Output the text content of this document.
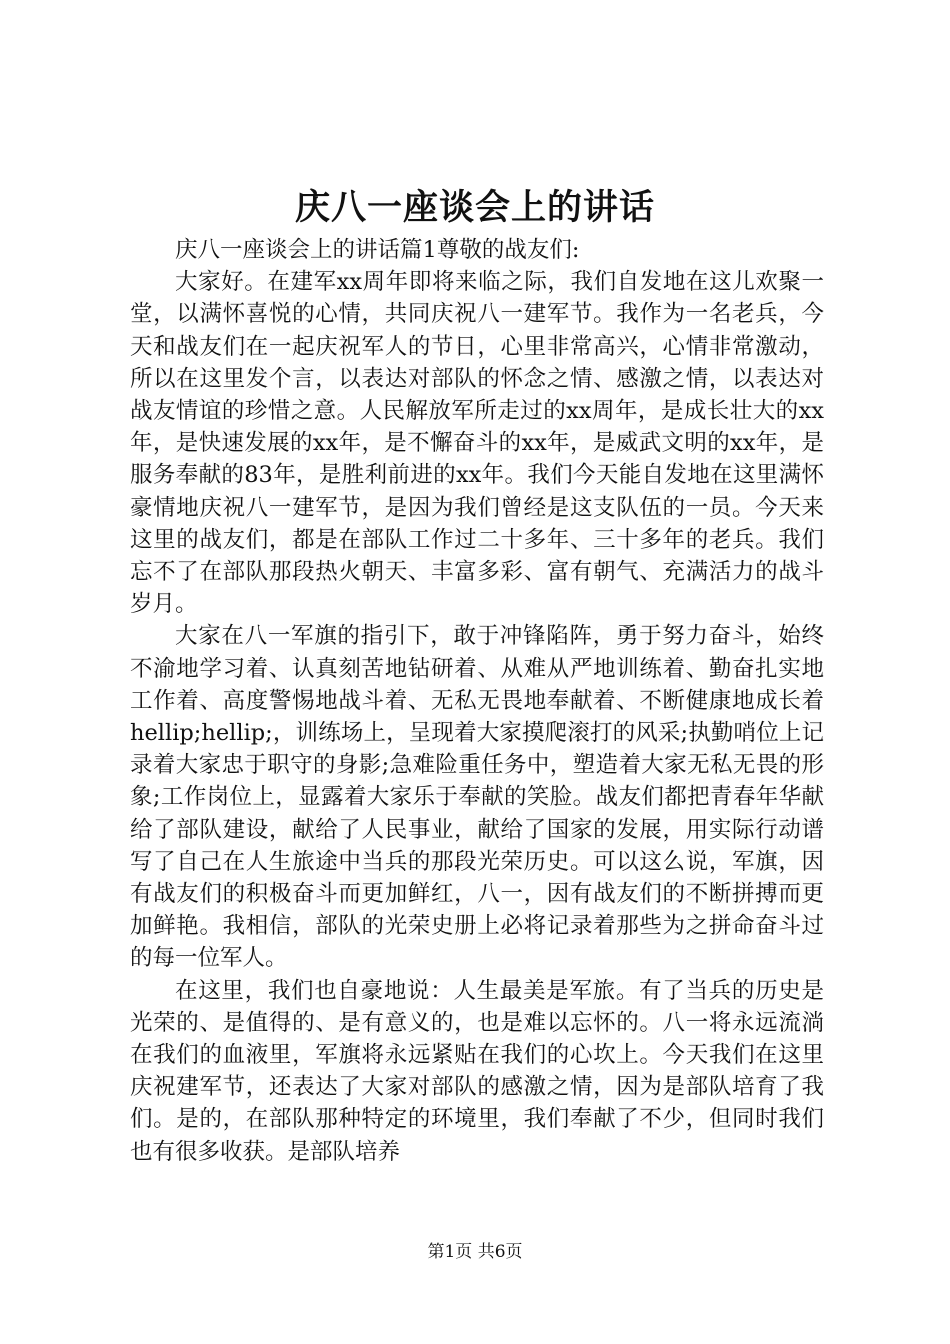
庆八一座谈会上的讲话

庆八一座谈会上的讲话篇1尊敬的战友们:

大家好。在建军xx周年即将来临之际，我们自发地在这儿欢聚一堂，以满怀喜悦的心情，共同庆祝八一建军节。我作为一名老兵，今天和战友们在一起庆祝军人的节日，心里非常高兴，心情非常激动，所以在这里发个言，以表达对部队的怀念之情、感激之情，以表达对战友情谊的珍惜之意。人民解放军所走过的xx周年，是成长壮大的xx年，是快速发展的xx年，是不懈奋斗的xx年，是威武文明的xx年，是服务奉献的83年，是胜利前进的xx年。我们今天能自发地在这里满怀豪情地庆祝八一建军节，是因为我们曾经是这支队伍的一员。今天来这里的战友们，都是在部队工作过二十多年、三十多年的老兵。我们忘不了在部队那段热火朝天、丰富多彩、富有朝气、充满活力的战斗岁月。

大家在八一军旗的指引下，敢于冲锋陷阵，勇于努力奋斗，始终不渝地学习着、认真刻苦地钻研着、从难从严地训练着、勤奋扎实地工作着、高度警惕地战斗着、无私无畏地奉献着、不断健康地成长着hellip;hellip;，训练场上，呈现着大家摸爬滚打的风采;执勤哨位上记录着大家忠于职守的身影;急难险重任务中，塑造着大家无私无畏的形象;工作岗位上，显露着大家乐于奉献的笑脸。战友们都把青春年华献给了部队建设，献给了人民事业，献给了国家的发展，用实际行动谱写了自己在人生旅途中当兵的那段光荣历史。可以这么说，军旗，因有战友们的积极奋斗而更加鲜红，八一，因有战友们的不断拼搏而更加鲜艳。我相信，部队的光荣史册上必将记录着那些为之拼命奋斗过的每一位军人。

在这里，我们也自豪地说：人生最美是军旅。有了当兵的历史是光荣的、是值得的、是有意义的，也是难以忘怀的。八一将永远流淌在我们的血液里，军旗将永远紧贴在我们的心坎上。今天我们在这里庆祝建军节，还表达了大家对部队的感激之情，因为是部队培育了我们。是的，在部队那种特定的环境里，我们奉献了不少，但同时我们也有很多收获。是部队培养

第1页 共6页
